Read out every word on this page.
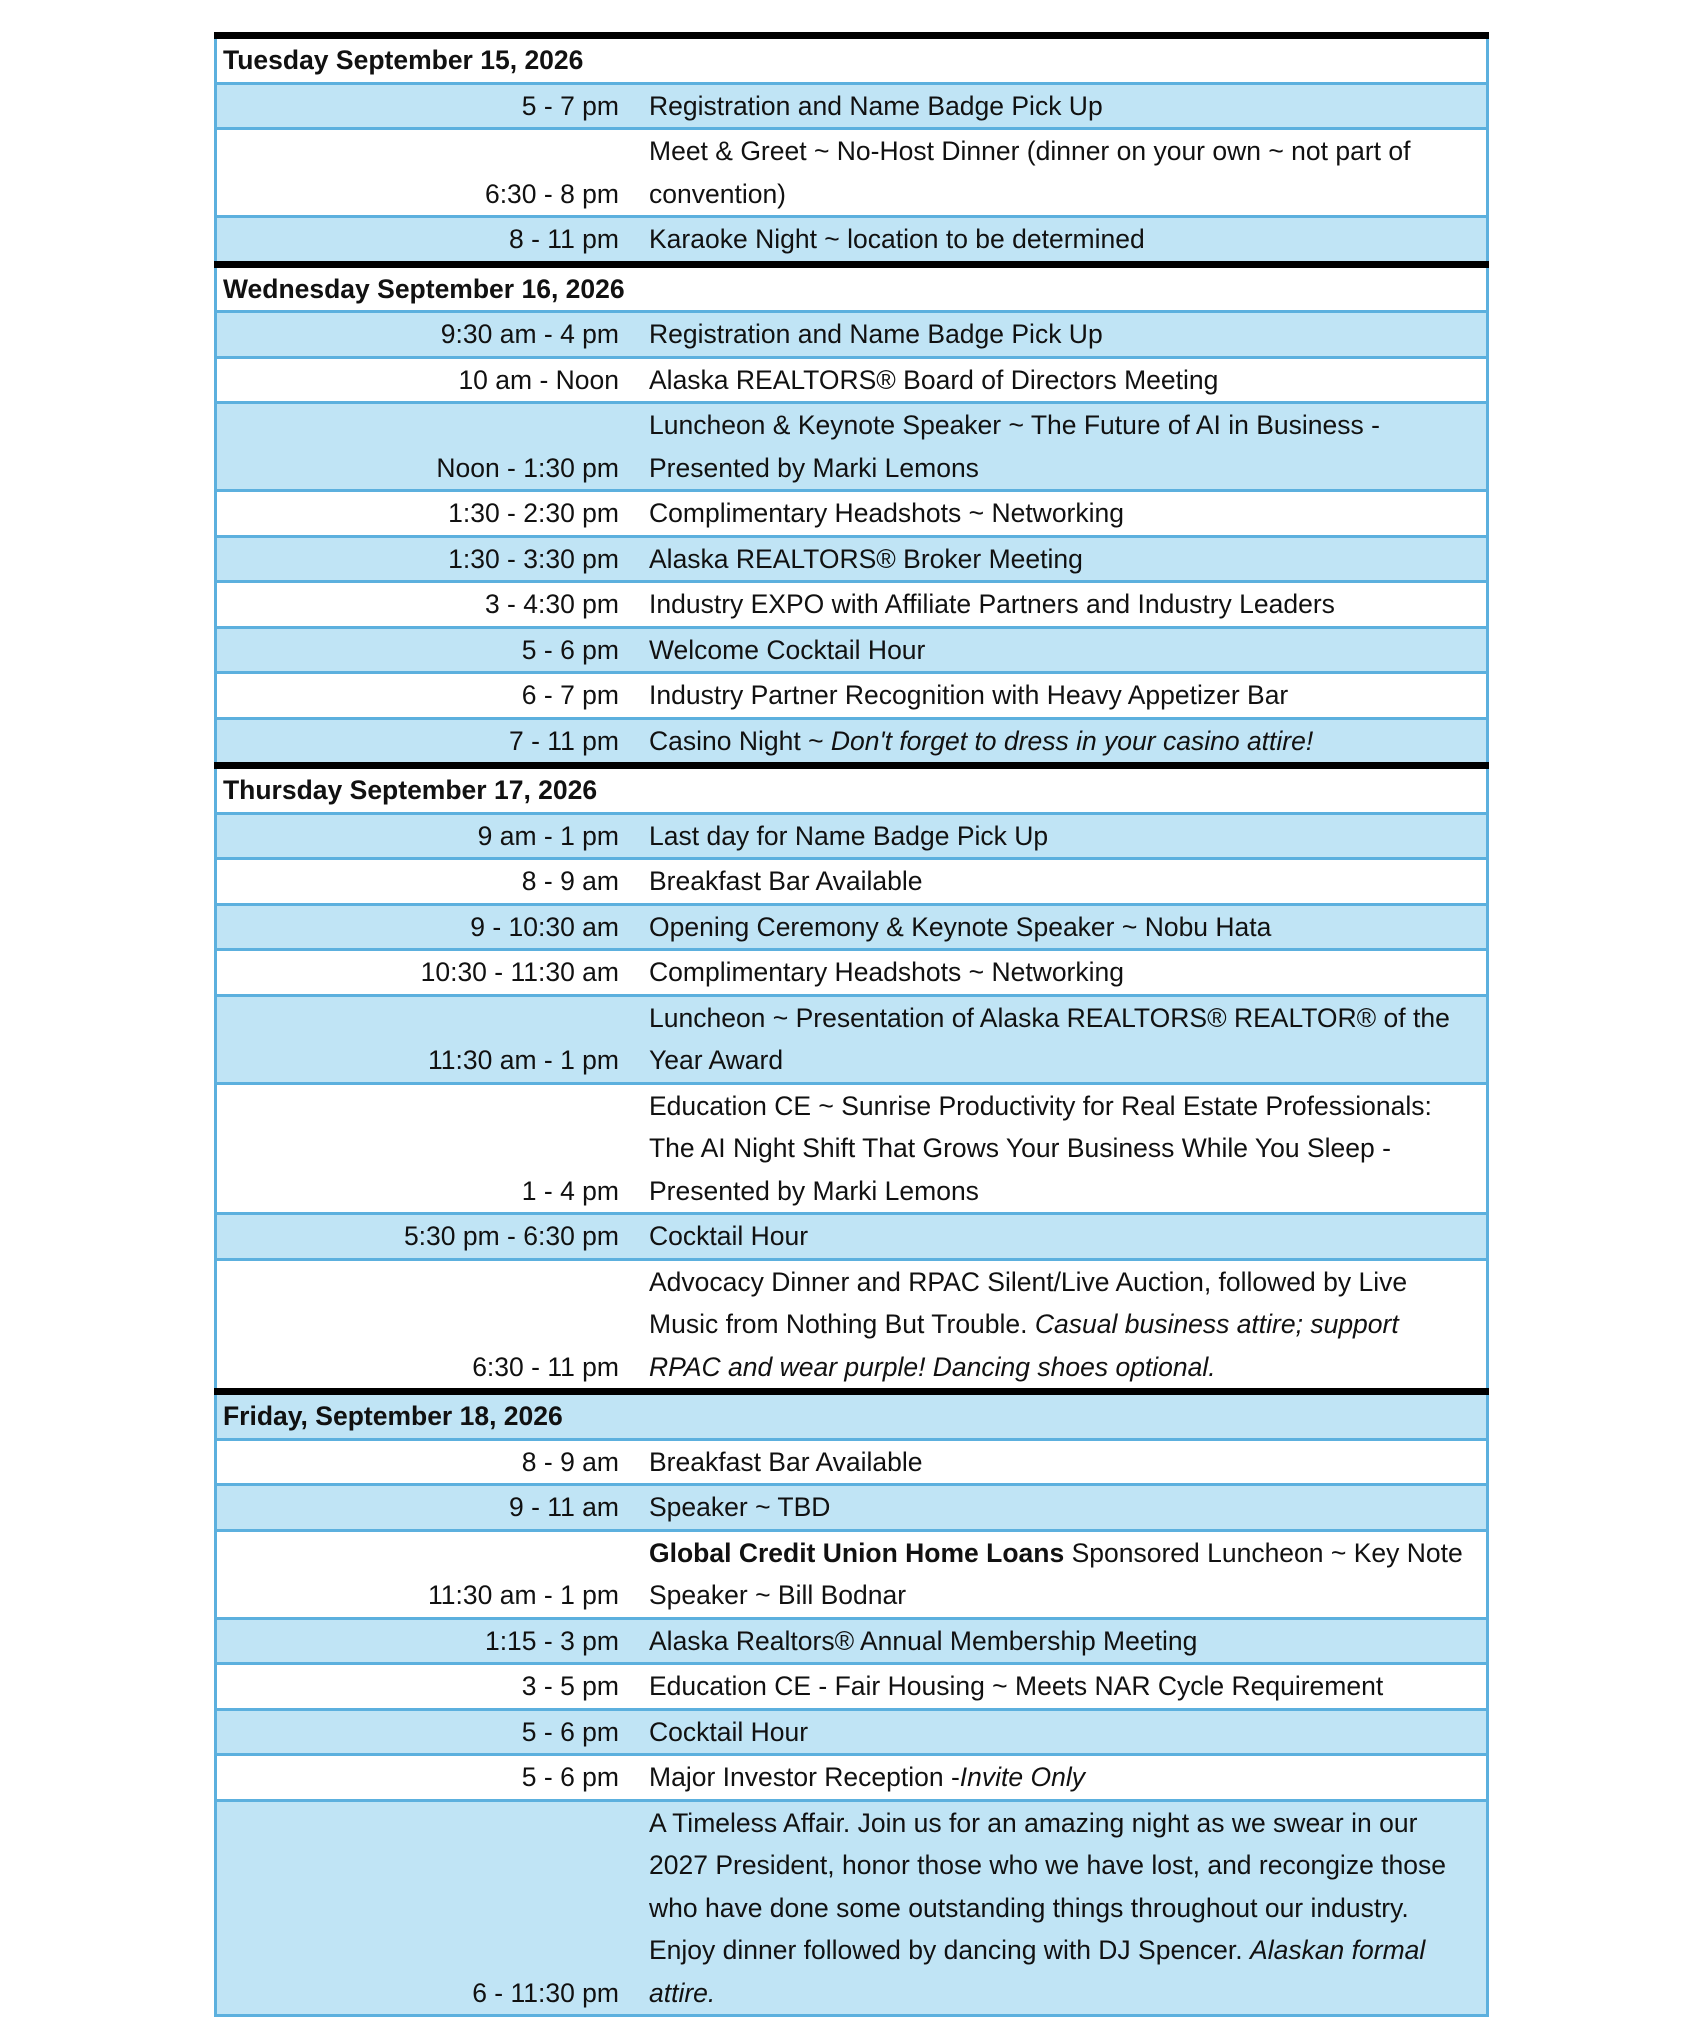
Tuesday September 15, 2026	
5 - 7 pm	Registration and Name Badge Pick Up
6:30 - 8 pm	Meet & Greet ~ No-Host Dinner (dinner on your own ~ not part of convention)
8 - 11 pm	Karaoke Night ~ location to be determined
Wednesday September 16, 2026	
9:30 am - 4 pm	Registration and Name Badge Pick Up
10 am - Noon	Alaska REALTORS® Board of Directors Meeting
Noon - 1:30 pm	Luncheon & Keynote Speaker ~ The Future of AI in Business - Presented by Marki Lemons
1:30 - 2:30 pm	Complimentary Headshots ~ Networking
1:30 - 3:30 pm	Alaska REALTORS® Broker Meeting
3 - 4:30 pm	Industry EXPO with Affiliate Partners and Industry Leaders
5 - 6 pm	Welcome Cocktail Hour
6 - 7 pm	Industry Partner Recognition with Heavy Appetizer Bar
7 - 11 pm	Casino Night ~ Don't forget to dress in your casino attire!
Thursday September 17, 2026	
9 am - 1 pm	Last day for Name Badge Pick Up
8 - 9 am	Breakfast Bar Available
9 - 10:30 am	Opening Ceremony & Keynote Speaker ~ Nobu Hata
10:30 - 11:30 am	Complimentary Headshots ~ Networking
11:30 am - 1 pm	Luncheon ~ Presentation of Alaska REALTORS® REALTOR® of the Year Award
1 - 4 pm	Education CE ~ Sunrise Productivity for Real Estate Professionals: The AI Night Shift That Grows Your Business While You Sleep - Presented by Marki Lemons
5:30 pm - 6:30 pm	Cocktail Hour
6:30 - 11 pm	Advocacy Dinner and RPAC Silent/Live Auction, followed by Live Music from Nothing But Trouble. Casual business attire; support RPAC and wear purple! Dancing shoes optional.
Friday, September 18, 2026	
8 - 9 am	Breakfast Bar Available
9 - 11 am	Speaker ~ TBD
11:30 am - 1 pm	Global Credit Union Home Loans Sponsored Luncheon ~ Key Note Speaker ~ Bill Bodnar
1:15 - 3 pm	Alaska Realtors® Annual Membership Meeting
3 - 5 pm	Education CE - Fair Housing ~ Meets NAR Cycle Requirement
5 - 6 pm	Cocktail Hour
5 - 6 pm	Major Investor Reception -Invite Only
6 - 11:30 pm	A Timeless Affair. Join us for an amazing night as we swear in our 2027 President, honor those who we have lost, and recongize those who have done some outstanding things throughout our industry. Enjoy dinner followed by dancing with DJ Spencer. Alaskan formal attire.
